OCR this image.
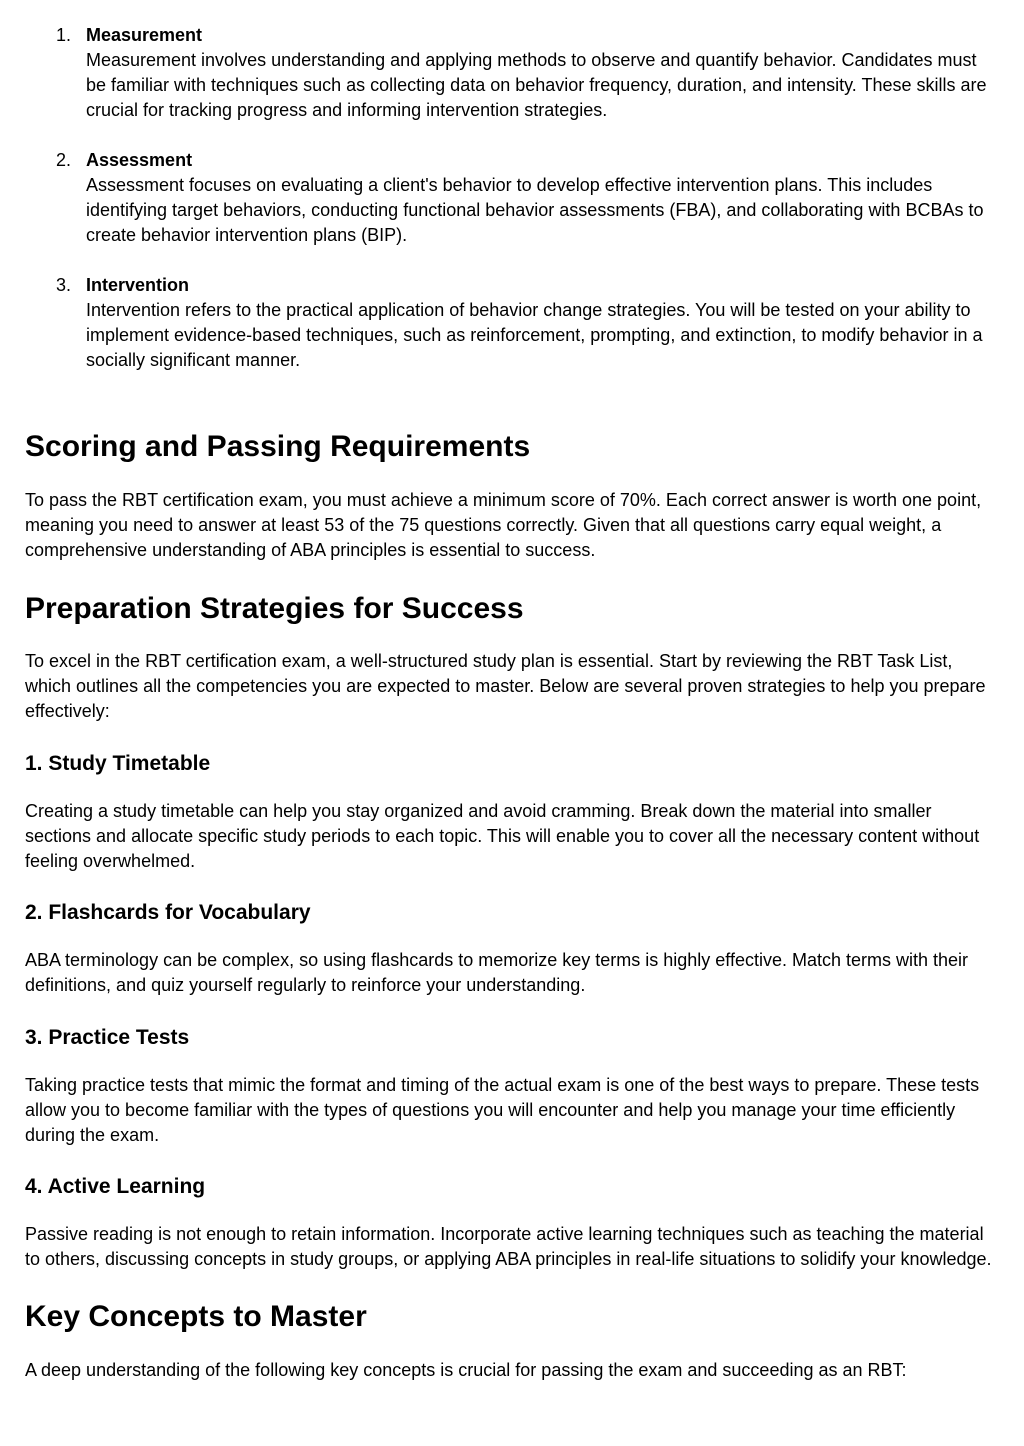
1. Measurement
Measurement involves understanding and applying methods to observe and quantify behavior. Candidates must be familiar with techniques such as collecting data on behavior frequency, duration, and intensity. These skills are crucial for tracking progress and informing intervention strategies.
2. Assessment
Assessment focuses on evaluating a client's behavior to develop effective intervention plans. This includes identifying target behaviors, conducting functional behavior assessments (FBA), and collaborating with BCBAs to create behavior intervention plans (BIP).
3. Intervention
Intervention refers to the practical application of behavior change strategies. You will be tested on your ability to implement evidence-based techniques, such as reinforcement, prompting, and extinction, to modify behavior in a socially significant manner.
Scoring and Passing Requirements

To pass the RBT certification exam, you must achieve a minimum score of 70%. Each correct answer is worth one point, meaning you need to answer at least 53 of the 75 questions correctly. Given that all questions carry equal weight, a comprehensive understanding of ABA principles is essential to success.

Preparation Strategies for Success

To excel in the RBT certification exam, a well-structured study plan is essential. Start by reviewing the RBT Task List, which outlines all the competencies you are expected to master. Below are several proven strategies to help you prepare effectively:

1. Study Timetable

Creating a study timetable can help you stay organized and avoid cramming. Break down the material into smaller sections and allocate specific study periods to each topic. This will enable you to cover all the necessary content without feeling overwhelmed.

2. Flashcards for Vocabulary

ABA terminology can be complex, so using flashcards to memorize key terms is highly effective. Match terms with their definitions, and quiz yourself regularly to reinforce your understanding.

3. Practice Tests

Taking practice tests that mimic the format and timing of the actual exam is one of the best ways to prepare. These tests allow you to become familiar with the types of questions you will encounter and help you manage your time efficiently during the exam.

4. Active Learning

Passive reading is not enough to retain information. Incorporate active learning techniques such as teaching the material to others, discussing concepts in study groups, or applying ABA principles in real-life situations to solidify your knowledge.

Key Concepts to Master

A deep understanding of the following key concepts is crucial for passing the exam and succeeding as an RBT:
